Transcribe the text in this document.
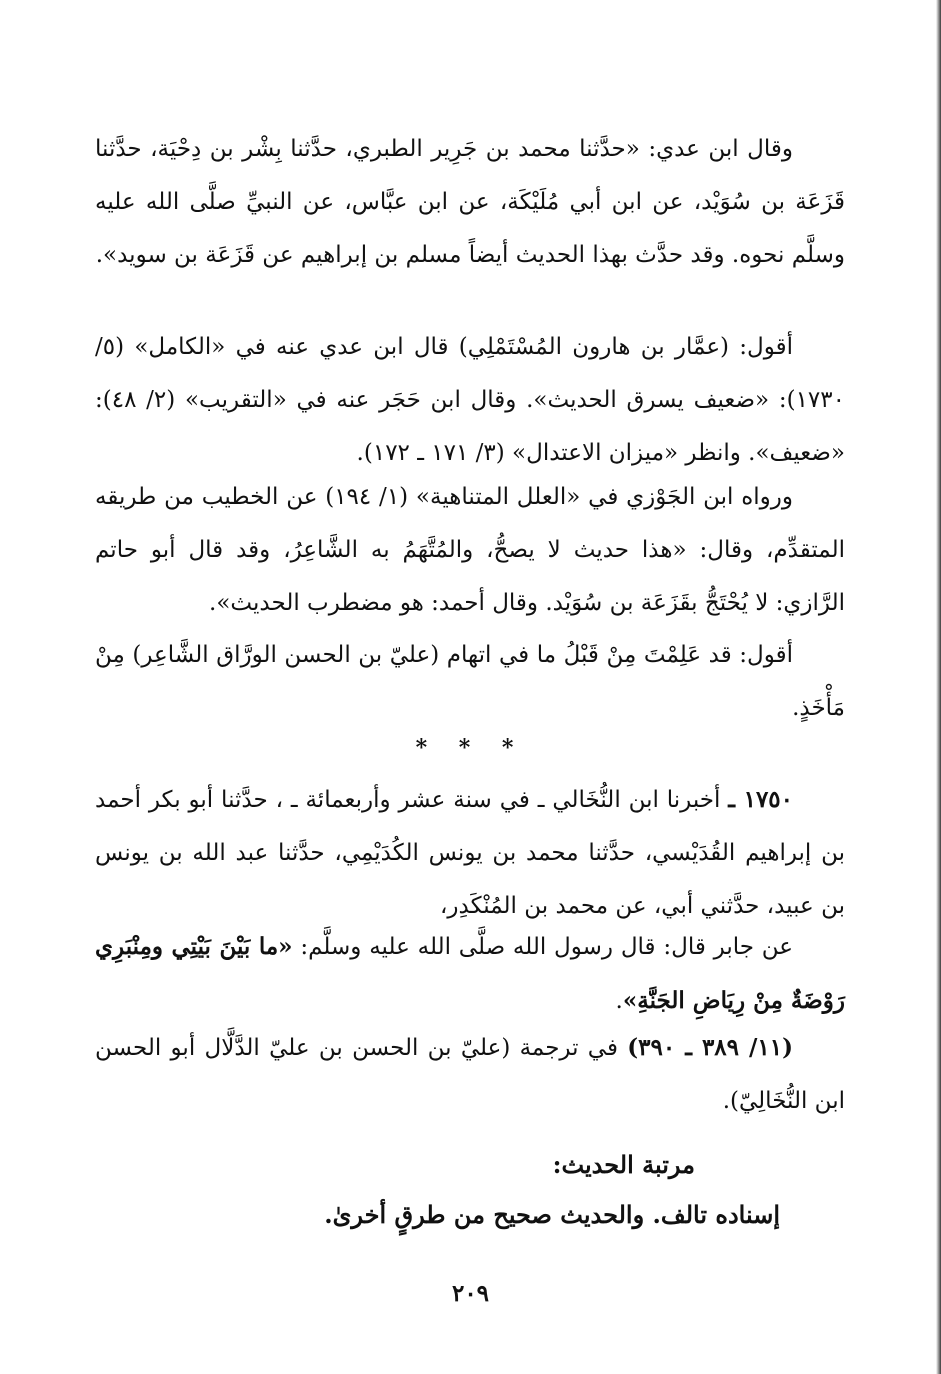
وقال ابن عدي: «حدَّثنا محمد بن جَرِير الطبري، حدَّثنا بِشْر بن دِحْيَة، حدَّثنا قَزَعَة بن سُوَيْد، عن ابن أبي مُلَيْكَة، عن ابن عبَّاس، عن النبيِّ صلَّى الله عليه وسلَّم نحوه. وقد حدَّث بهذا الحديث أيضاً مسلم بن إبراهيم عن قَزَعَة بن سويد».

أقول: (عمَّار بن هارون المُسْتَمْلِي) قال ابن عدي عنه في «الكامل» (٥/ ١٧٣٠): «ضعيف يسرق الحديث». وقال ابن حَجَر عنه في «التقريب» (٢/ ٤٨): «ضعيف». وانظر «ميزان الاعتدال» (٣/ ١٧١ ـ ١٧٢).

ورواه ابن الجَوْزي في «العلل المتناهية» (١/ ١٩٤) عن الخطيب من طريقه المتقدِّم، وقال: «هذا حديث لا يصحُّ، والمُتَّهَمُ به الشَّاعِرُ، وقد قال أبو حاتم الرَّازي: لا يُحْتَجُّ بقَزَعَة بن سُوَيْد. وقال أحمد: هو مضطرب الحديث».

أقول: قد عَلِمْتَ مِنْ قَبْلُ ما في اتهام (عليّ بن الحسن الورَّاق الشَّاعِر) مِنْ مَأْخَذٍ.

* * *

١٧٥٠ ـ أخبرنا ابن النُّخَالي ـ في سنة عشر وأربعمائة ـ ، حدَّثنا أبو بكر أحمد بن إبراهيم القُدَيْسي، حدَّثنا محمد بن يونس الكُدَيْمِي، حدَّثنا عبد الله بن يونس بن عبيد، حدَّثني أبي، عن محمد بن المُنْكَدِر،

عن جابر قال: قال رسول الله صلَّى الله عليه وسلَّم: «ما بَيْنَ بَيْتِي ومِنْبَرِي رَوْضَةٌ مِنْ رِيَاضِ الجَنَّةِ».

(١١/ ٣٨٩ ـ ٣٩٠) في ترجمة (عليّ بن الحسن بن عليّ الدَّلَّال أبو الحسن ابن النُّخَالِيّ).

مرتبة الحديث:
إسناده تالف. والحديث صحيح من طرقٍ أخرىٰ.
٢٠٩
